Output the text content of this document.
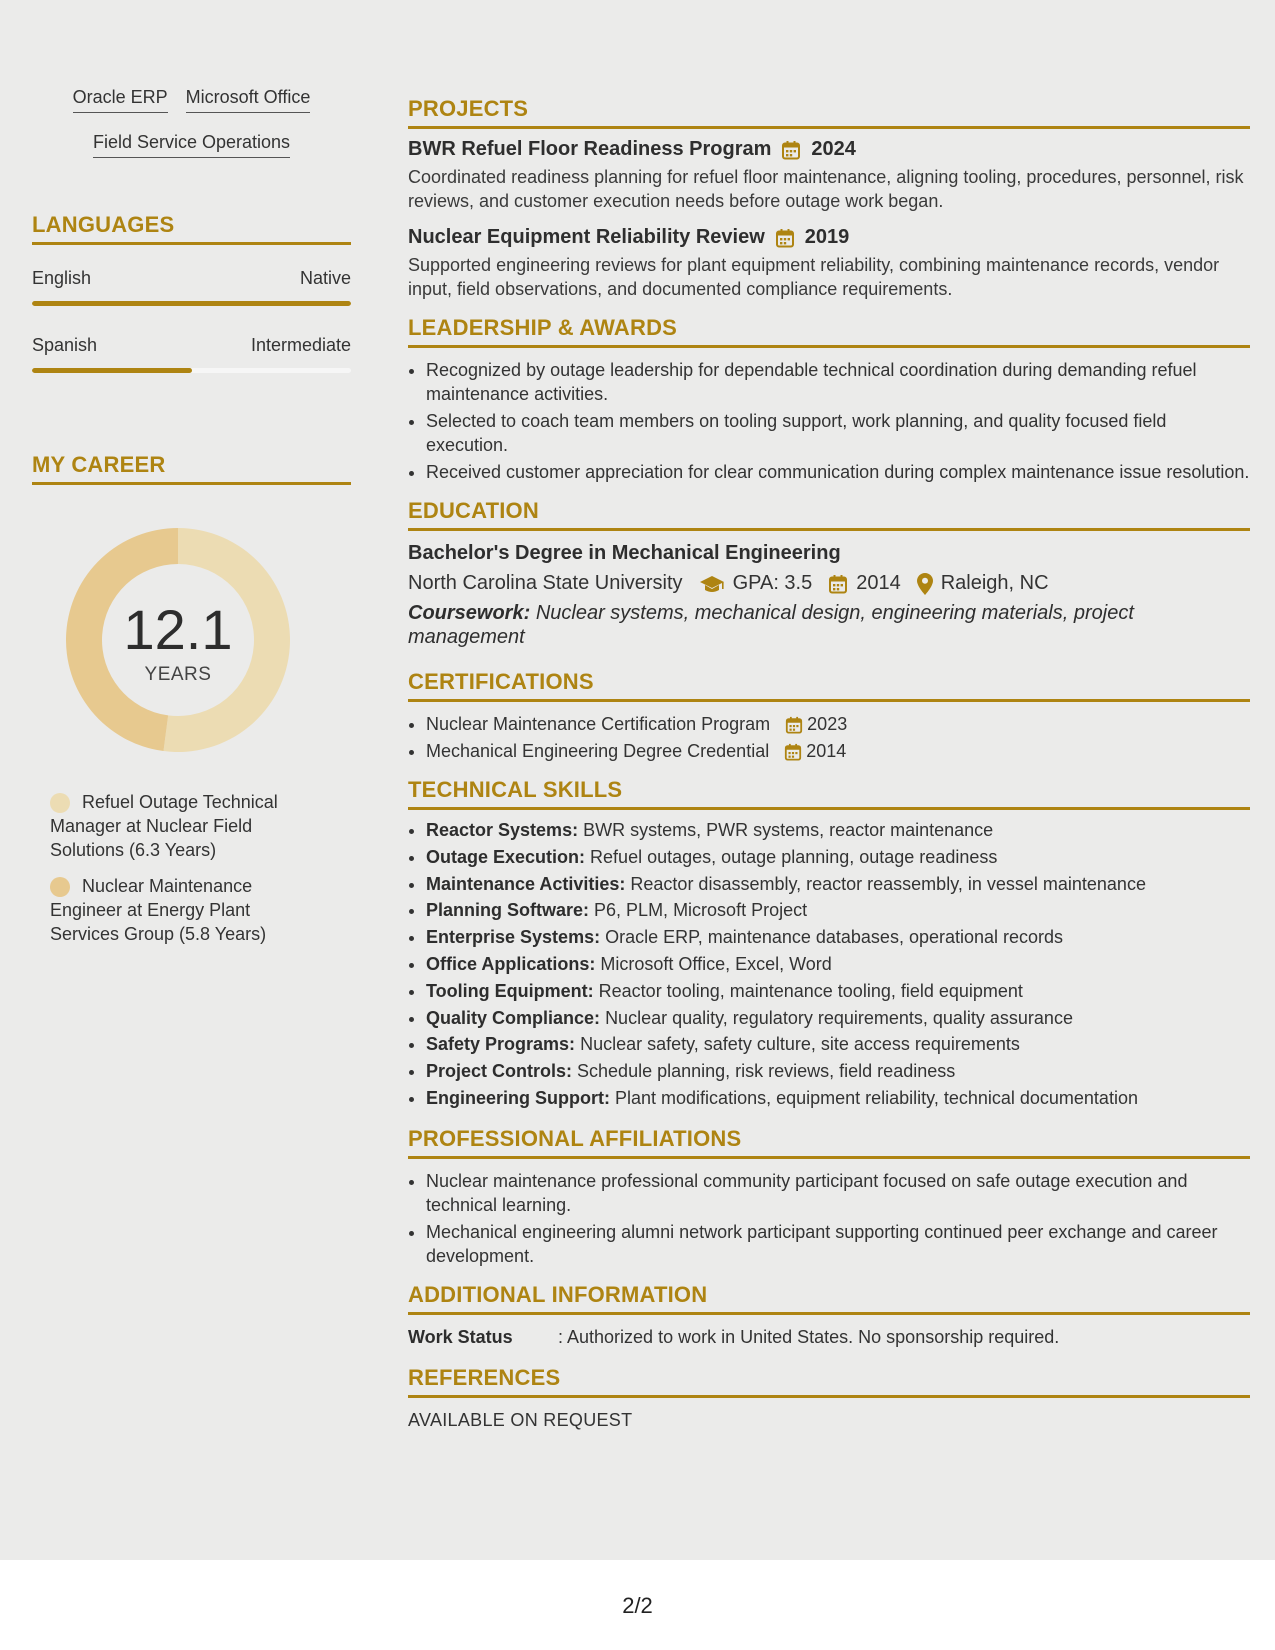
Oracle ERP Microsoft Office
Field Service Operations
LANGUAGES
English	Native
Spanish	Intermediate
MY CAREER
12.1
YEARS
Refuel Outage Technical Manager at Nuclear Field Solutions (6.3 Years)
Nuclear Maintenance Engineer at Energy Plant Services Group (5.8 Years)
PROJECTS
BWR Refuel Floor Readiness Program 2024
Coordinated readiness planning for refuel floor maintenance, aligning tooling, procedures, personnel, risk reviews, and customer execution needs before outage work began.
Nuclear Equipment Reliability Review 2019
Supported engineering reviews for plant equipment reliability, combining maintenance records, vendor input, field observations, and documented compliance requirements.
LEADERSHIP & AWARDS
• Recognized by outage leadership for dependable technical coordination during demanding refuel maintenance activities.
• Selected to coach team members on tooling support, work planning, and quality focused field execution.
• Received customer appreciation for clear communication during complex maintenance issue resolution.
EDUCATION
Bachelor's Degree in Mechanical Engineering
North Carolina State University	GPA: 3.5 2014 Raleigh, NC
Coursework: Nuclear systems, mechanical design, engineering materials, project management
CERTIFICATIONS
• Nuclear Maintenance Certification Program 2023
• Mechanical Engineering Degree Credential 2014
TECHNICAL SKILLS
• Reactor Systems: BWR systems, PWR systems, reactor maintenance
• Outage Execution: Refuel outages, outage planning, outage readiness
• Maintenance Activities: Reactor disassembly, reactor reassembly, in vessel maintenance
• Planning Software: P6, PLM, Microsoft Project
• Enterprise Systems: Oracle ERP, maintenance databases, operational records
• Office Applications: Microsoft Office, Excel, Word
• Tooling Equipment: Reactor tooling, maintenance tooling, field equipment
• Quality Compliance: Nuclear quality, regulatory requirements, quality assurance
• Safety Programs: Nuclear safety, safety culture, site access requirements
• Project Controls: Schedule planning, risk reviews, field readiness
• Engineering Support: Plant modifications, equipment reliability, technical documentation
PROFESSIONAL AFFILIATIONS
• Nuclear maintenance professional community participant focused on safe outage execution and technical learning.
• Mechanical engineering alumni network participant supporting continued peer exchange and career development.
ADDITIONAL INFORMATION
Work Status	: Authorized to work in United States. No sponsorship required.
REFERENCES
AVAILABLE ON REQUEST
2/2
